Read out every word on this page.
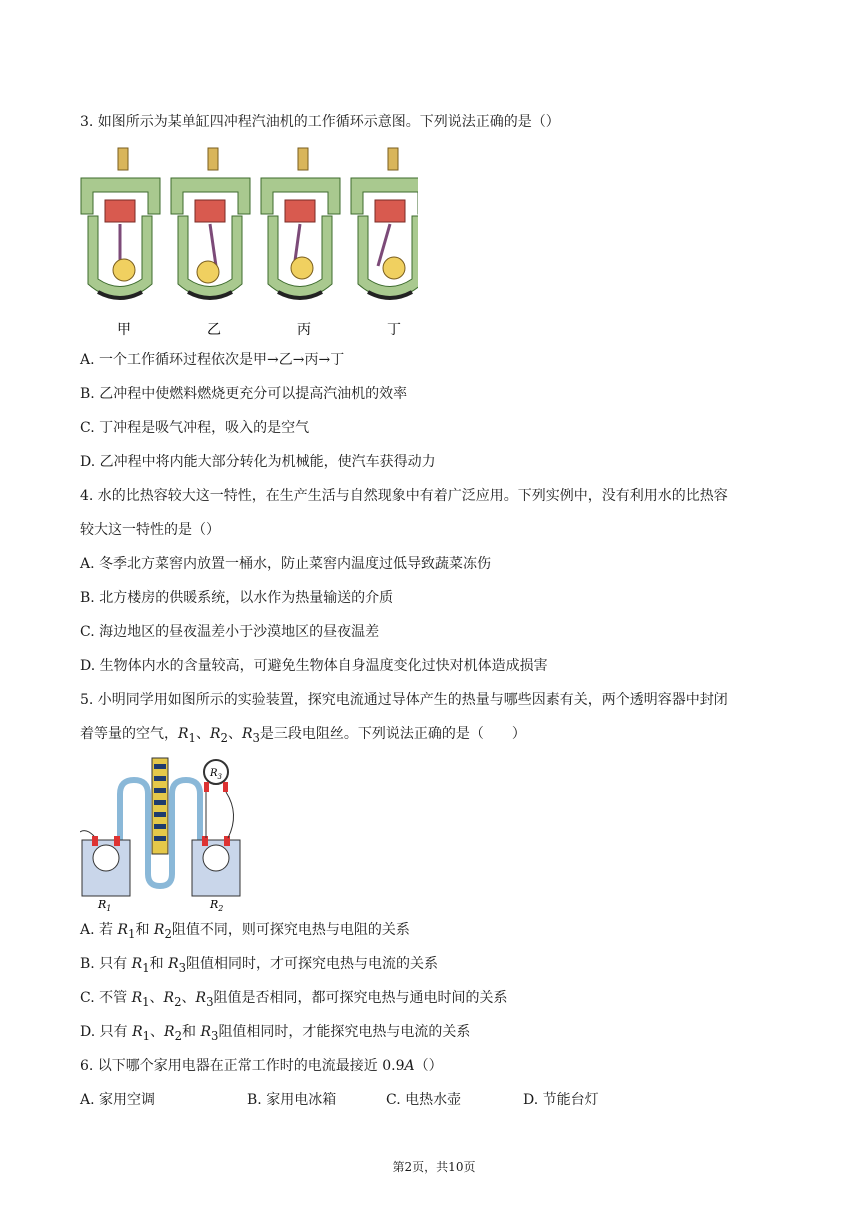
3. 如图所示为某单缸四冲程汽油机的工作循环示意图。下列说法正确的是（）
甲	乙	丙	丁
A. 一个工作循环过程依次是甲→乙→丙→丁
B. 乙冲程中使燃料燃烧更充分可以提高汽油机的效率
C. 丁冲程是吸气冲程，吸入的是空气
D. 乙冲程中将内能大部分转化为机械能，使汽车获得动力
4. 水的比热容较大这一特性，在生产生活与自然现象中有着广泛应用。下列实例中，没有利用水的比热容
较大这一特性的是（）
A. 冬季北方菜窖内放置一桶水，防止菜窖内温度过低导致蔬菜冻伤
B. 北方楼房的供暖系统，以水作为热量输送的介质
C. 海边地区的昼夜温差小于沙漠地区的昼夜温差
D. 生物体内水的含量较高，可避免生物体自身温度变化过快对机体造成损害
5. 小明同学用如图所示的实验装置，探究电流通过导体产生的热量与哪些因素有关，两个透明容器中封闭
着等量的空气，$R_1$、$R_2$、$R_3$是三段电阻丝。下列说法正确的是（　　）
$R_1$	$R_2$
$R_3$
A. 若 $R_1$和 $R_2$阻值不同，则可探究电热与电阻的关系
B. 只有 $R_1$和 $R_3$阻值相同时，才可探究电热与电流的关系
C. 不管 $R_1$、$R_2$、$R_3$阻值是否相同，都可探究电热与通电时间的关系
D. 只有 $R_1$、$R_2$和 $R_3$阻值相同时，才能探究电热与电流的关系
6. 以下哪个家用电器在正常工作时的电流最接近 0.9A（）
A. 家用空调	B. 家用电冰箱	C. 电热水壶	D. 节能台灯
第2页，共10页
